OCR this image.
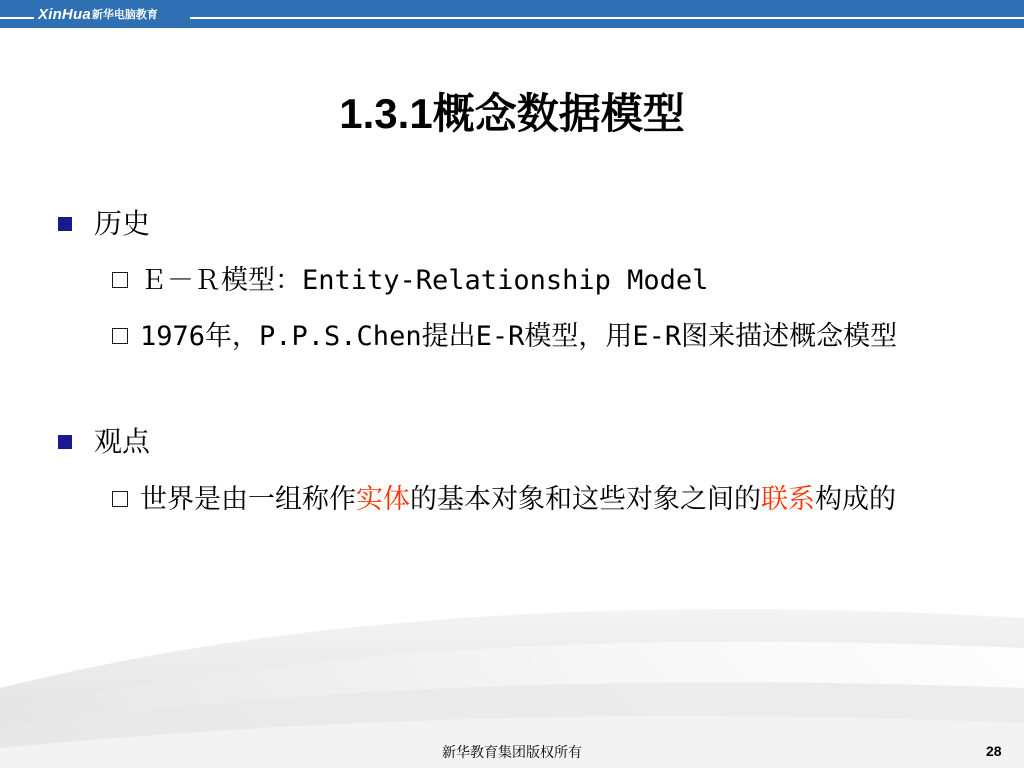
XinHua 新华电脑教育
1.3.1概念数据模型
历史
Ｅ－Ｒ模型：Entity-Relationship Model
1976年，P.P.S.Chen提出E-R模型，用E-R图来描述概念模型
观点
世界是由一组称作实体的基本对象和这些对象之间的联系构成的
新华教育集团版权所有	28
